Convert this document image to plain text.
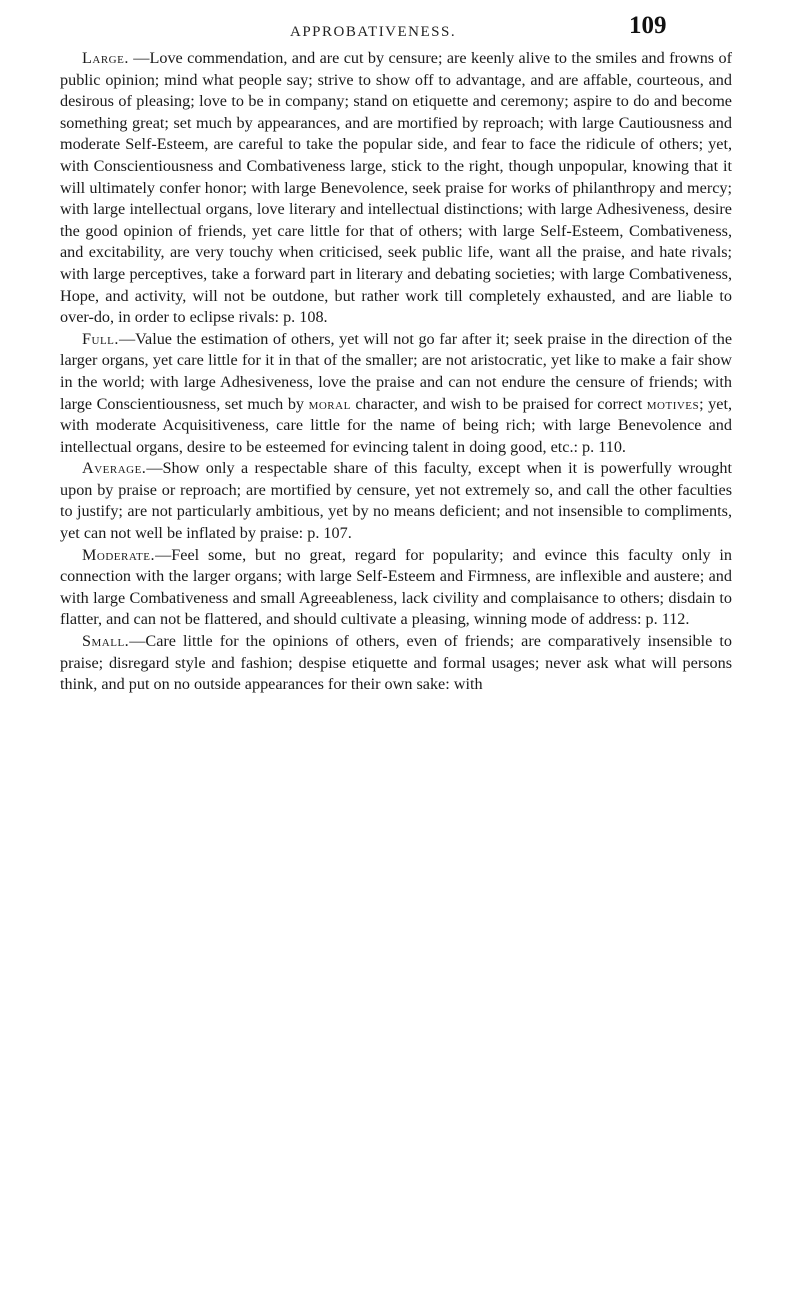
APPROBATIVENESS.	109

Large. —Love commendation, and are cut by censure; are keenly alive to the smiles and frowns of public opinion; mind what people say; strive to show off to advantage, and are affable, courteous, and desirous of pleasing; love to be in company; stand on etiquette and ceremony; aspire to do and become something great; set much by appearances, and are mortified by reproach; with large Cautiousness and moderate Self-Esteem, are careful to take the popular side, and fear to face the ridicule of others; yet, with Conscientiousness and Combativeness large, stick to the right, though unpopular, knowing that it will ultimately confer honor; with large Benevolence, seek praise for works of philanthropy and mercy; with large intellectual organs, love literary and intellectual distinctions; with large Adhesiveness, desire the good opinion of friends, yet care little for that of others; with large Self-Esteem, Combativeness, and excitability, are very touchy when criticised, seek public life, want all the praise, and hate rivals; with large perceptives, take a forward part in literary and debating societies; with large Combativeness, Hope, and activity, will not be outdone, but rather work till completely exhausted, and are liable to over-do, in order to eclipse rivals: p. 108.

Full.—Value the estimation of others, yet will not go far after it; seek praise in the direction of the larger organs, yet care little for it in that of the smaller; are not aristocratic, yet like to make a fair show in the world; with large Adhesiveness, love the praise and can not endure the censure of friends; with large Conscientiousness, set much by moral character, and wish to be praised for correct motives; yet, with moderate Acquisitiveness, care little for the name of being rich; with large Benevolence and intellectual organs, desire to be esteemed for evincing talent in doing good, etc.: p. 110.

Average.—Show only a respectable share of this faculty, except when it is powerfully wrought upon by praise or reproach; are mortified by censure, yet not extremely so, and call the other faculties to justify; are not particularly ambitious, yet by no means deficient; and not insensible to compliments, yet can not well be inflated by praise: p. 107.

Moderate.—Feel some, but no great, regard for popularity; and evince this faculty only in connection with the larger organs; with large Self-Esteem and Firmness, are inflexible and austere; and with large Combativeness and small Agreeableness, lack civility and complaisance to others; disdain to flatter, and can not be flattered, and should cultivate a pleasing, winning mode of address: p. 112.

Small.—Care little for the opinions of others, even of friends; are comparatively insensible to praise; disregard style and fashion; despise etiquette and formal usages; never ask what will persons think, and put on no outside appearances for their own sake: with
